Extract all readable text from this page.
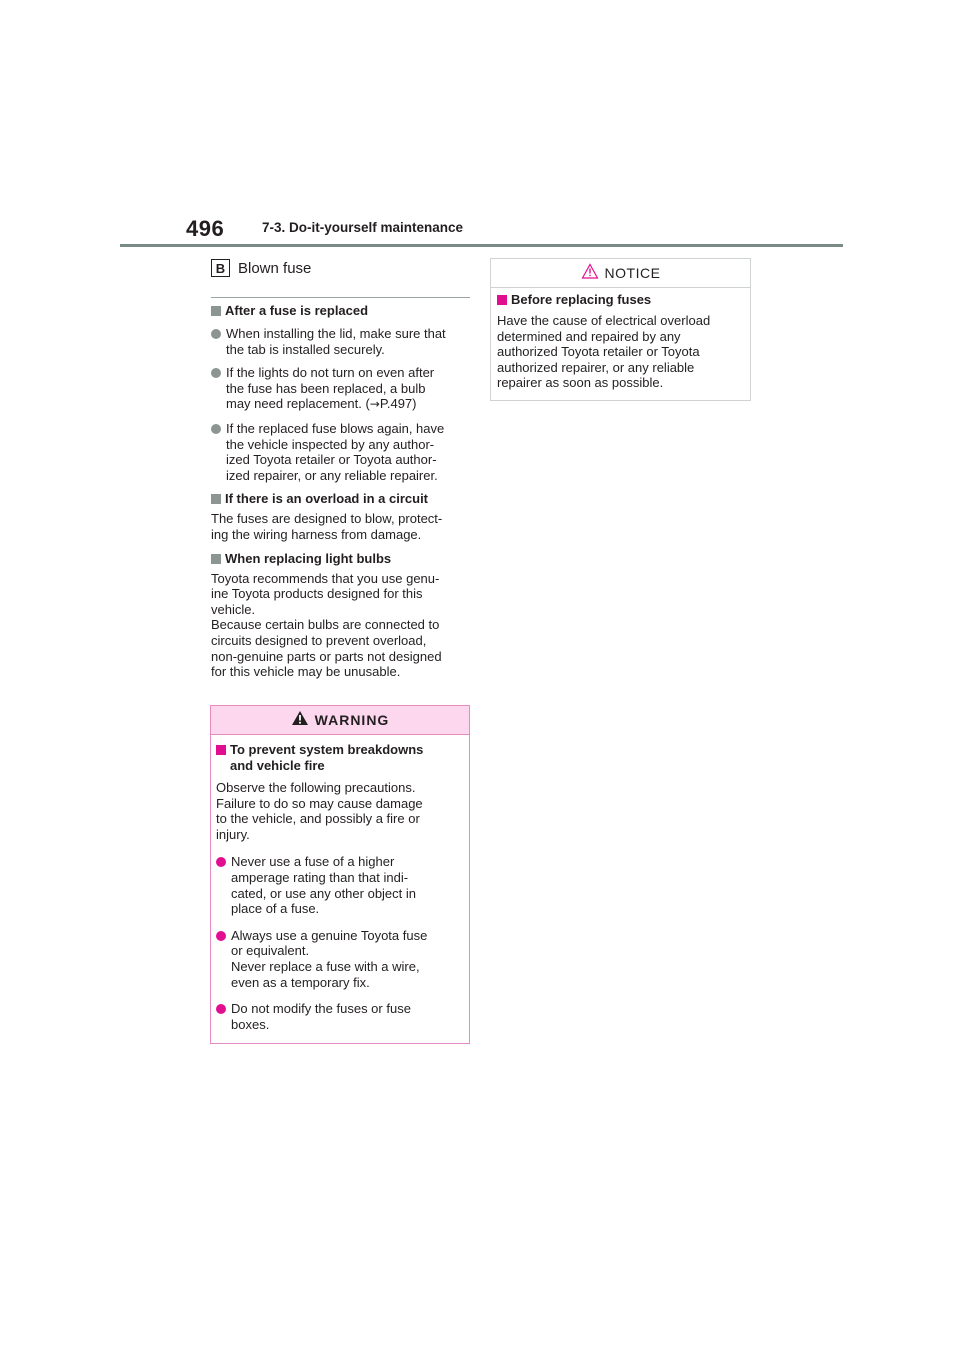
496	7-3. Do-it-yourself maintenance
B Blown fuse
After a fuse is replaced
When installing the lid, make sure that
the tab is installed securely.
If the lights do not turn on even after
the fuse has been replaced, a bulb
may need replacement. (→P.497)
If the replaced fuse blows again, have
the vehicle inspected by any author-
ized Toyota retailer or Toyota author-
ized repairer, or any reliable repairer.
If there is an overload in a circuit
The fuses are designed to blow, protect-
ing the wiring harness from damage.
When replacing light bulbs
Toyota recommends that you use genu-
ine Toyota products designed for this
vehicle.
Because certain bulbs are connected to
circuits designed to prevent overload,
non-genuine parts or parts not designed
for this vehicle may be unusable.
WARNING
To prevent system breakdowns
and vehicle fire
Observe the following precautions.
Failure to do so may cause damage
to the vehicle, and possibly a fire or
injury.
Never use a fuse of a higher
amperage rating than that indi-
cated, or use any other object in
place of a fuse.
Always use a genuine Toyota fuse
or equivalent.
Never replace a fuse with a wire,
even as a temporary fix.
Do not modify the fuses or fuse
boxes.
NOTICE
Before replacing fuses
Have the cause of electrical overload
determined and repaired by any
authorized Toyota retailer or Toyota
authorized repairer, or any reliable
repairer as soon as possible.
